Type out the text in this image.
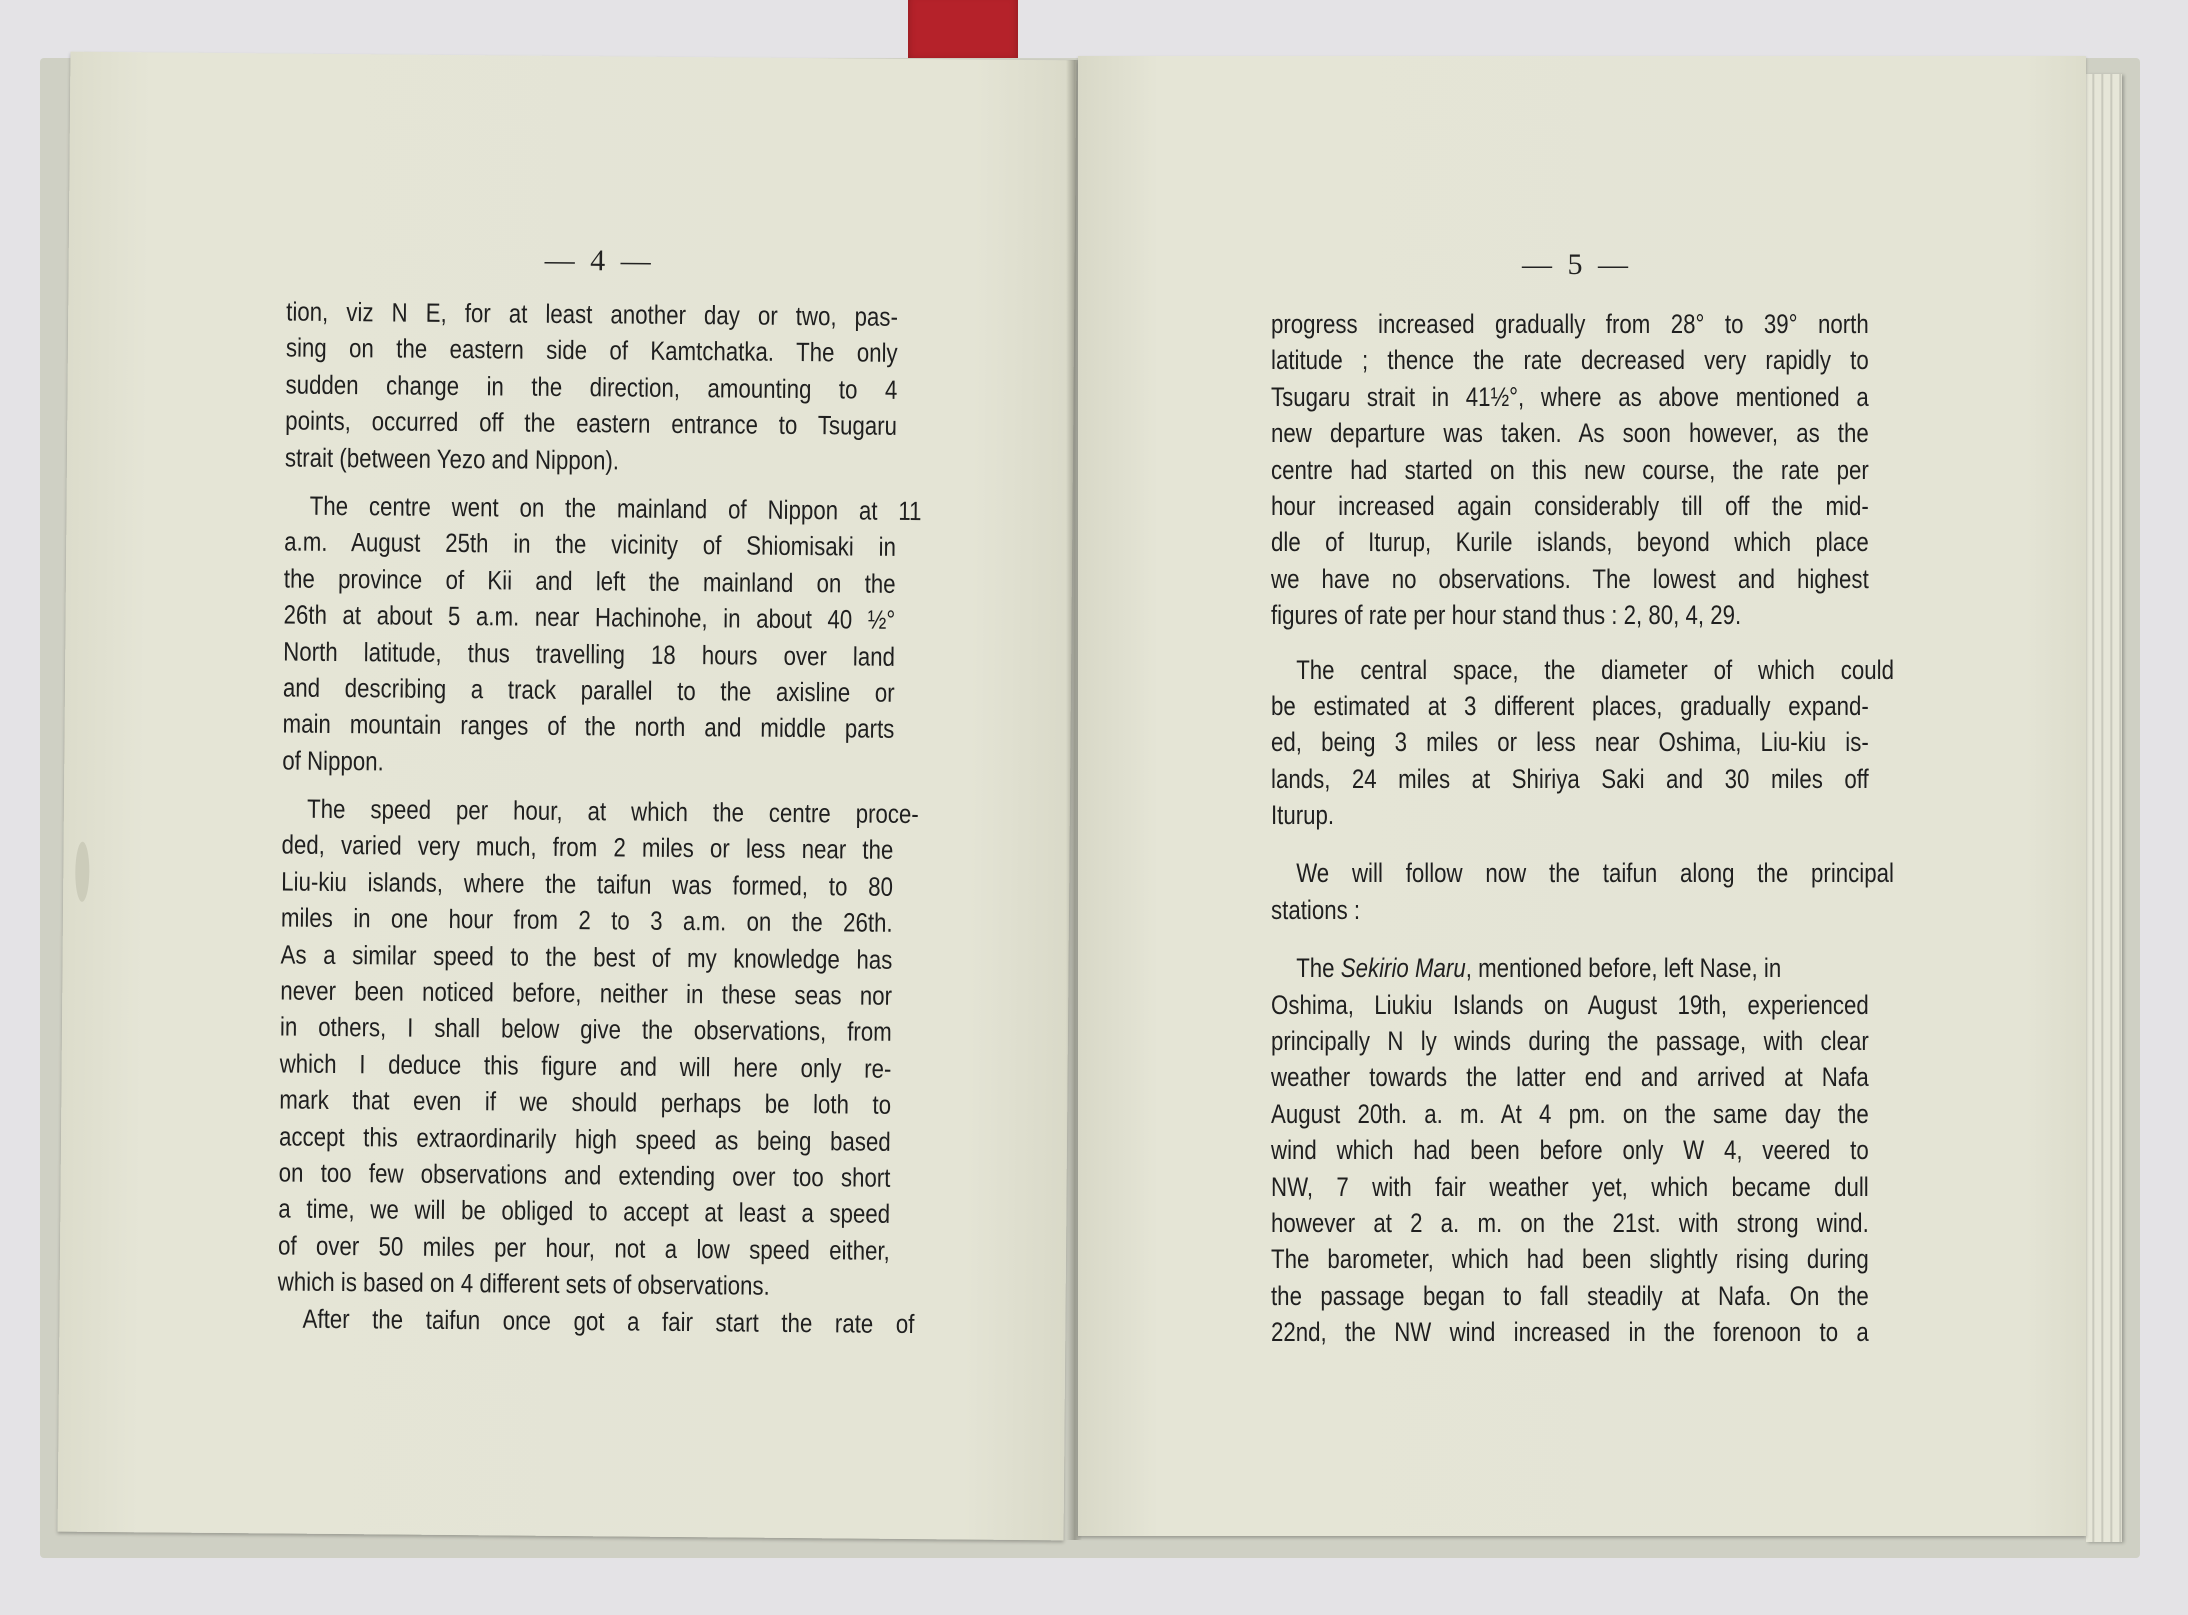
— 4 —
tion, viz N E, for at least another day or two, pas-
sing on the eastern side of Kamtchatka. The only
sudden change in the direction, amounting to 4
points, occurred off the eastern entrance to Tsugaru
strait (between Yezo and Nippon).
The centre went on the mainland of Nippon at 11
a.m. August 25th in the vicinity of Shiomisaki in
the province of Kii and left the mainland on the
26th at about 5 a.m. near Hachinohe, in about 40 ½°
North latitude, thus travelling 18 hours over land
and describing a track parallel to the axisline or
main mountain ranges of the north and middle parts
of Nippon.
The speed per hour, at which the centre proce-
ded, varied very much, from 2 miles or less near the
Liu-kiu islands, where the taifun was formed, to 80
miles in one hour from 2 to 3 a.m. on the 26th.
As a similar speed to the best of my knowledge has
never been noticed before, neither in these seas nor
in others, I shall below give the observations, from
which I deduce this figure and will here only re-
mark that even if we should perhaps be loth to
accept this extraordinarily high speed as being based
on too few observations and extending over too short
a time, we will be obliged to accept at least a speed
of over 50 miles per hour, not a low speed either,
which is based on 4 different sets of observations.
After the taifun once got a fair start the rate of
— 5 —
progress increased gradually from 28° to 39° north
latitude ; thence the rate decreased very rapidly to
Tsugaru strait in 41½°, where as above mentioned a
new departure was taken. As soon however, as the
centre had started on this new course, the rate per
hour increased again considerably till off the mid-
dle of Iturup, Kurile islands, beyond which place
we have no observations. The lowest and highest
figures of rate per hour stand thus : 2, 80, 4, 29.
The central space, the diameter of which could
be estimated at 3 different places, gradually expand-
ed, being 3 miles or less near Oshima, Liu-kiu is-
lands, 24 miles at Shiriya Saki and 30 miles off
Iturup.
We will follow now the taifun along the principal
stations :
The Sekirio Maru, mentioned before, left Nase, in
Oshima, Liukiu Islands on August 19th, experienced
principally N ly winds during the passage, with clear
weather towards the latter end and arrived at Nafa
August 20th. a. m. At 4 pm. on the same day the
wind which had been before only W 4, veered to
NW, 7 with fair weather yet, which became dull
however at 2 a. m. on the 21st. with strong wind.
The barometer, which had been slightly rising during
the passage began to fall steadily at Nafa. On the
22nd, the NW wind increased in the forenoon to a
